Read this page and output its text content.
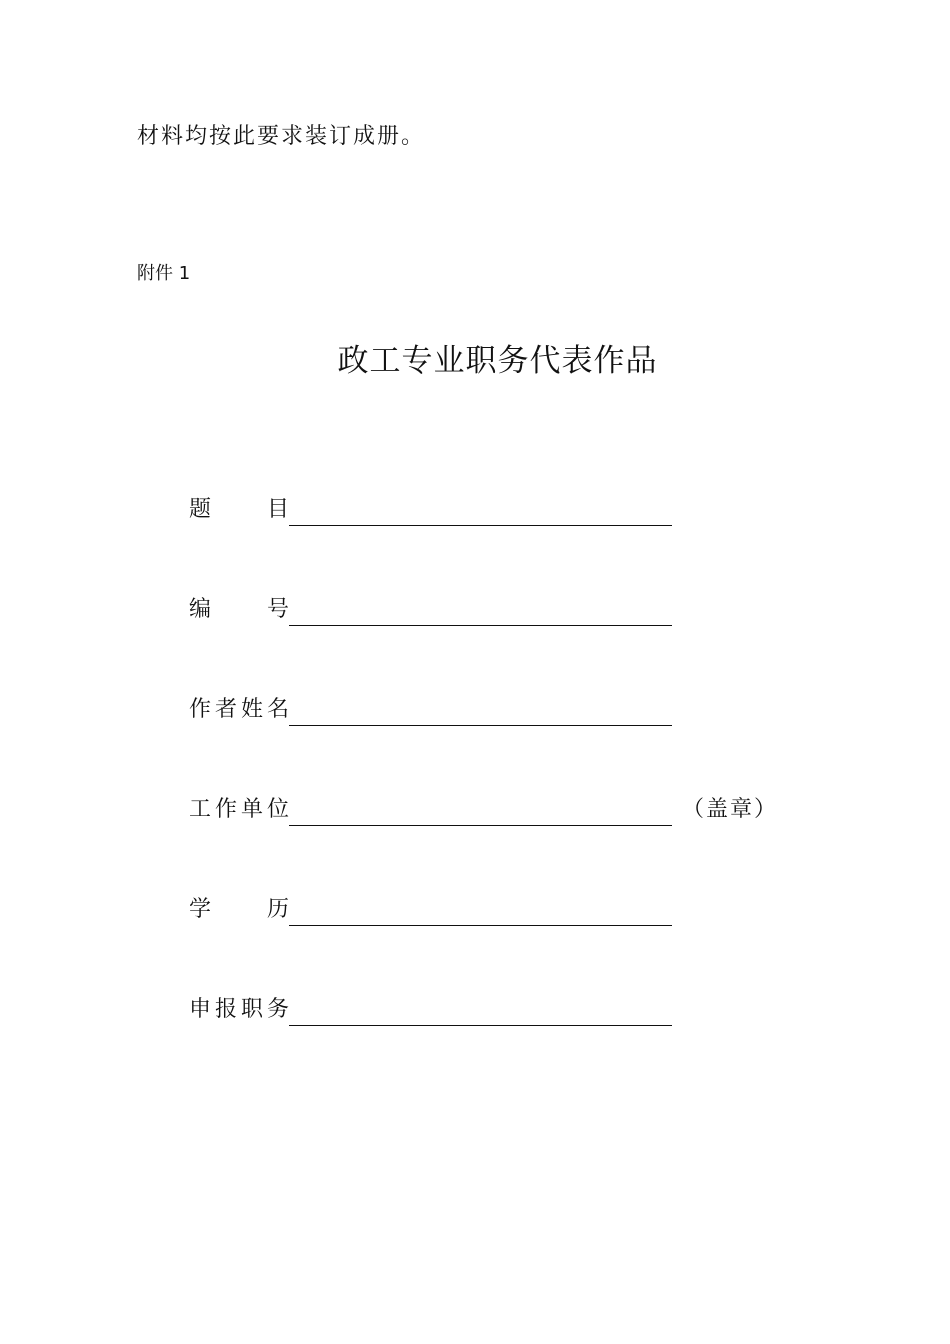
材料均按此要求装订成册。
附件 1
政工专业职务代表作品
题	目
编	号
作 者 姓 名
工 作 单 位	（盖章）
学	历
申 报 职 务
